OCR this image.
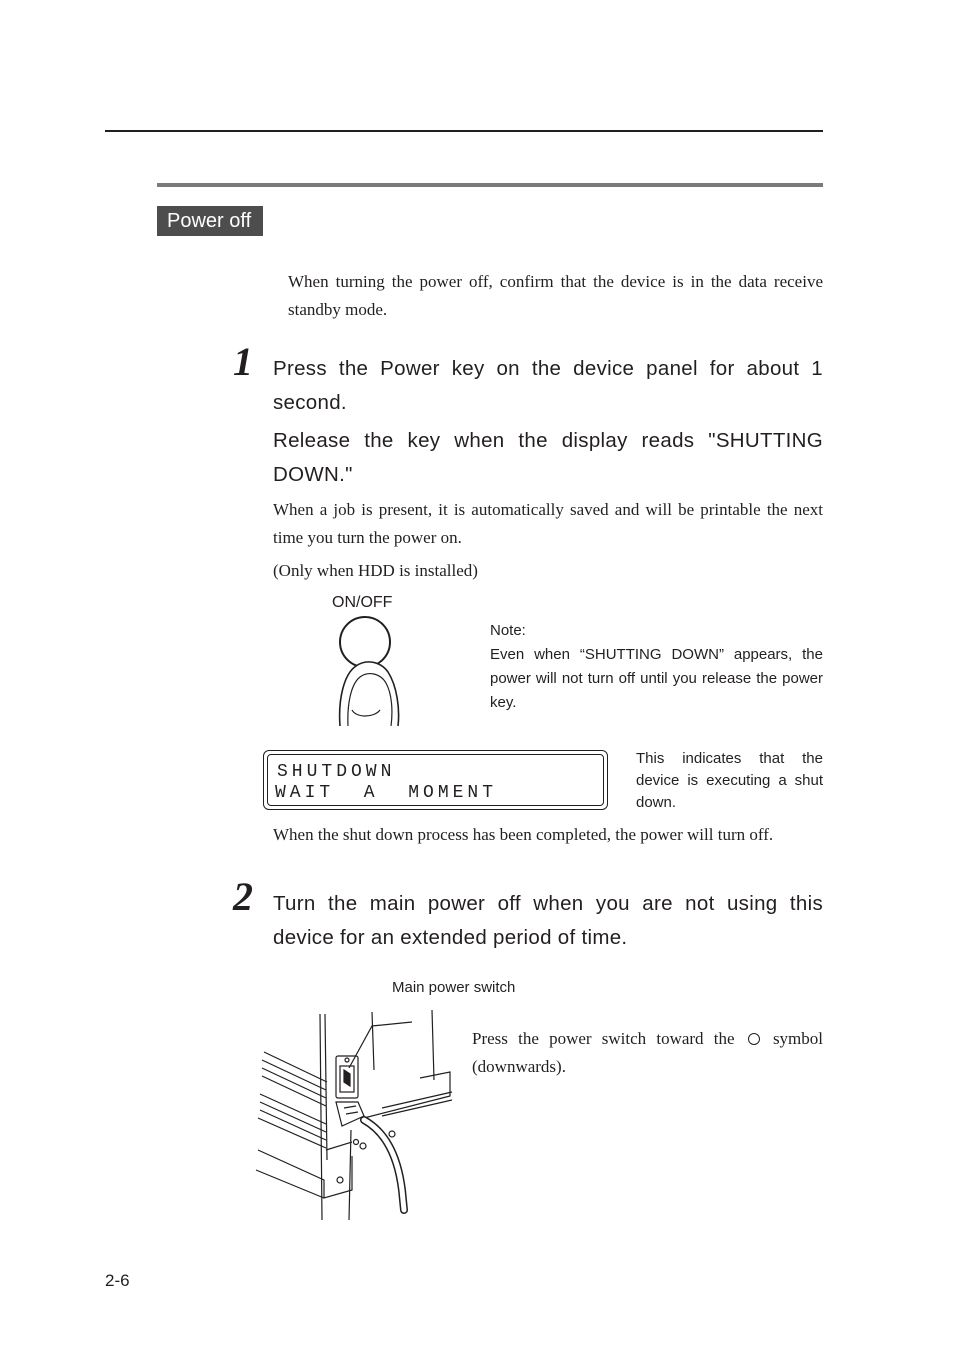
Power off
When turning the power off, confirm that the device is in the data receive standby mode.
1 Press the Power key on the device panel for about 1 second.
Release the key when the display reads "SHUTTING DOWN."
When a job is present, it is automatically saved and will be printable the next time you turn the power on.
(Only when HDD is installed)
ON/OFF
Note:
Even when “SHUTTING DOWN” appears, the power will not turn off until you release the power key.
SHUTDOWN
WAIT  A  MOMENT
This indicates that the device is executing a shut down.
When the shut down process has been completed, the power will turn off.
2 Turn the main power off when you are not using this device for an extended period of time.
Main power switch
Press the power switch toward the symbol (downwards).
2-6
